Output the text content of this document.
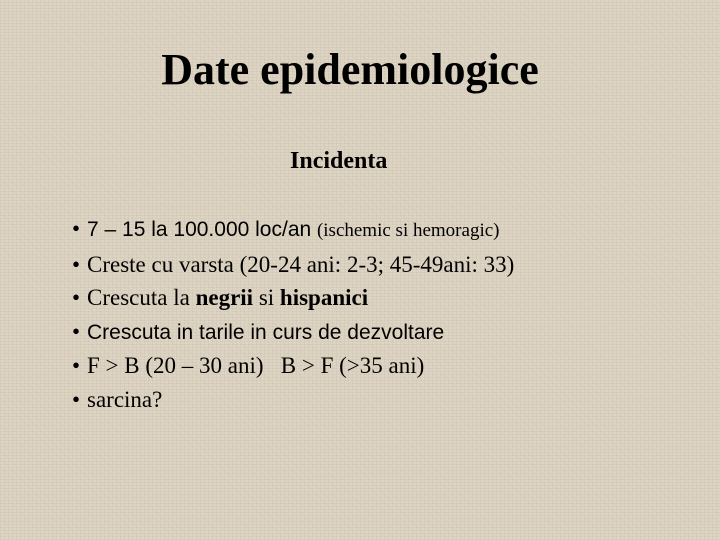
Date epidemiologice
Incidenta
• 7 – 15 la 100.000 loc/an (ischemic si hemoragic)
• Creste cu varsta (20-24 ani: 2-3; 45-49ani: 33)
• Crescuta la negrii si hispanici
• Crescuta in tarile in curs de dezvoltare
• F > B (20 – 30 ani)   B > F (>35 ani)
• sarcina?
